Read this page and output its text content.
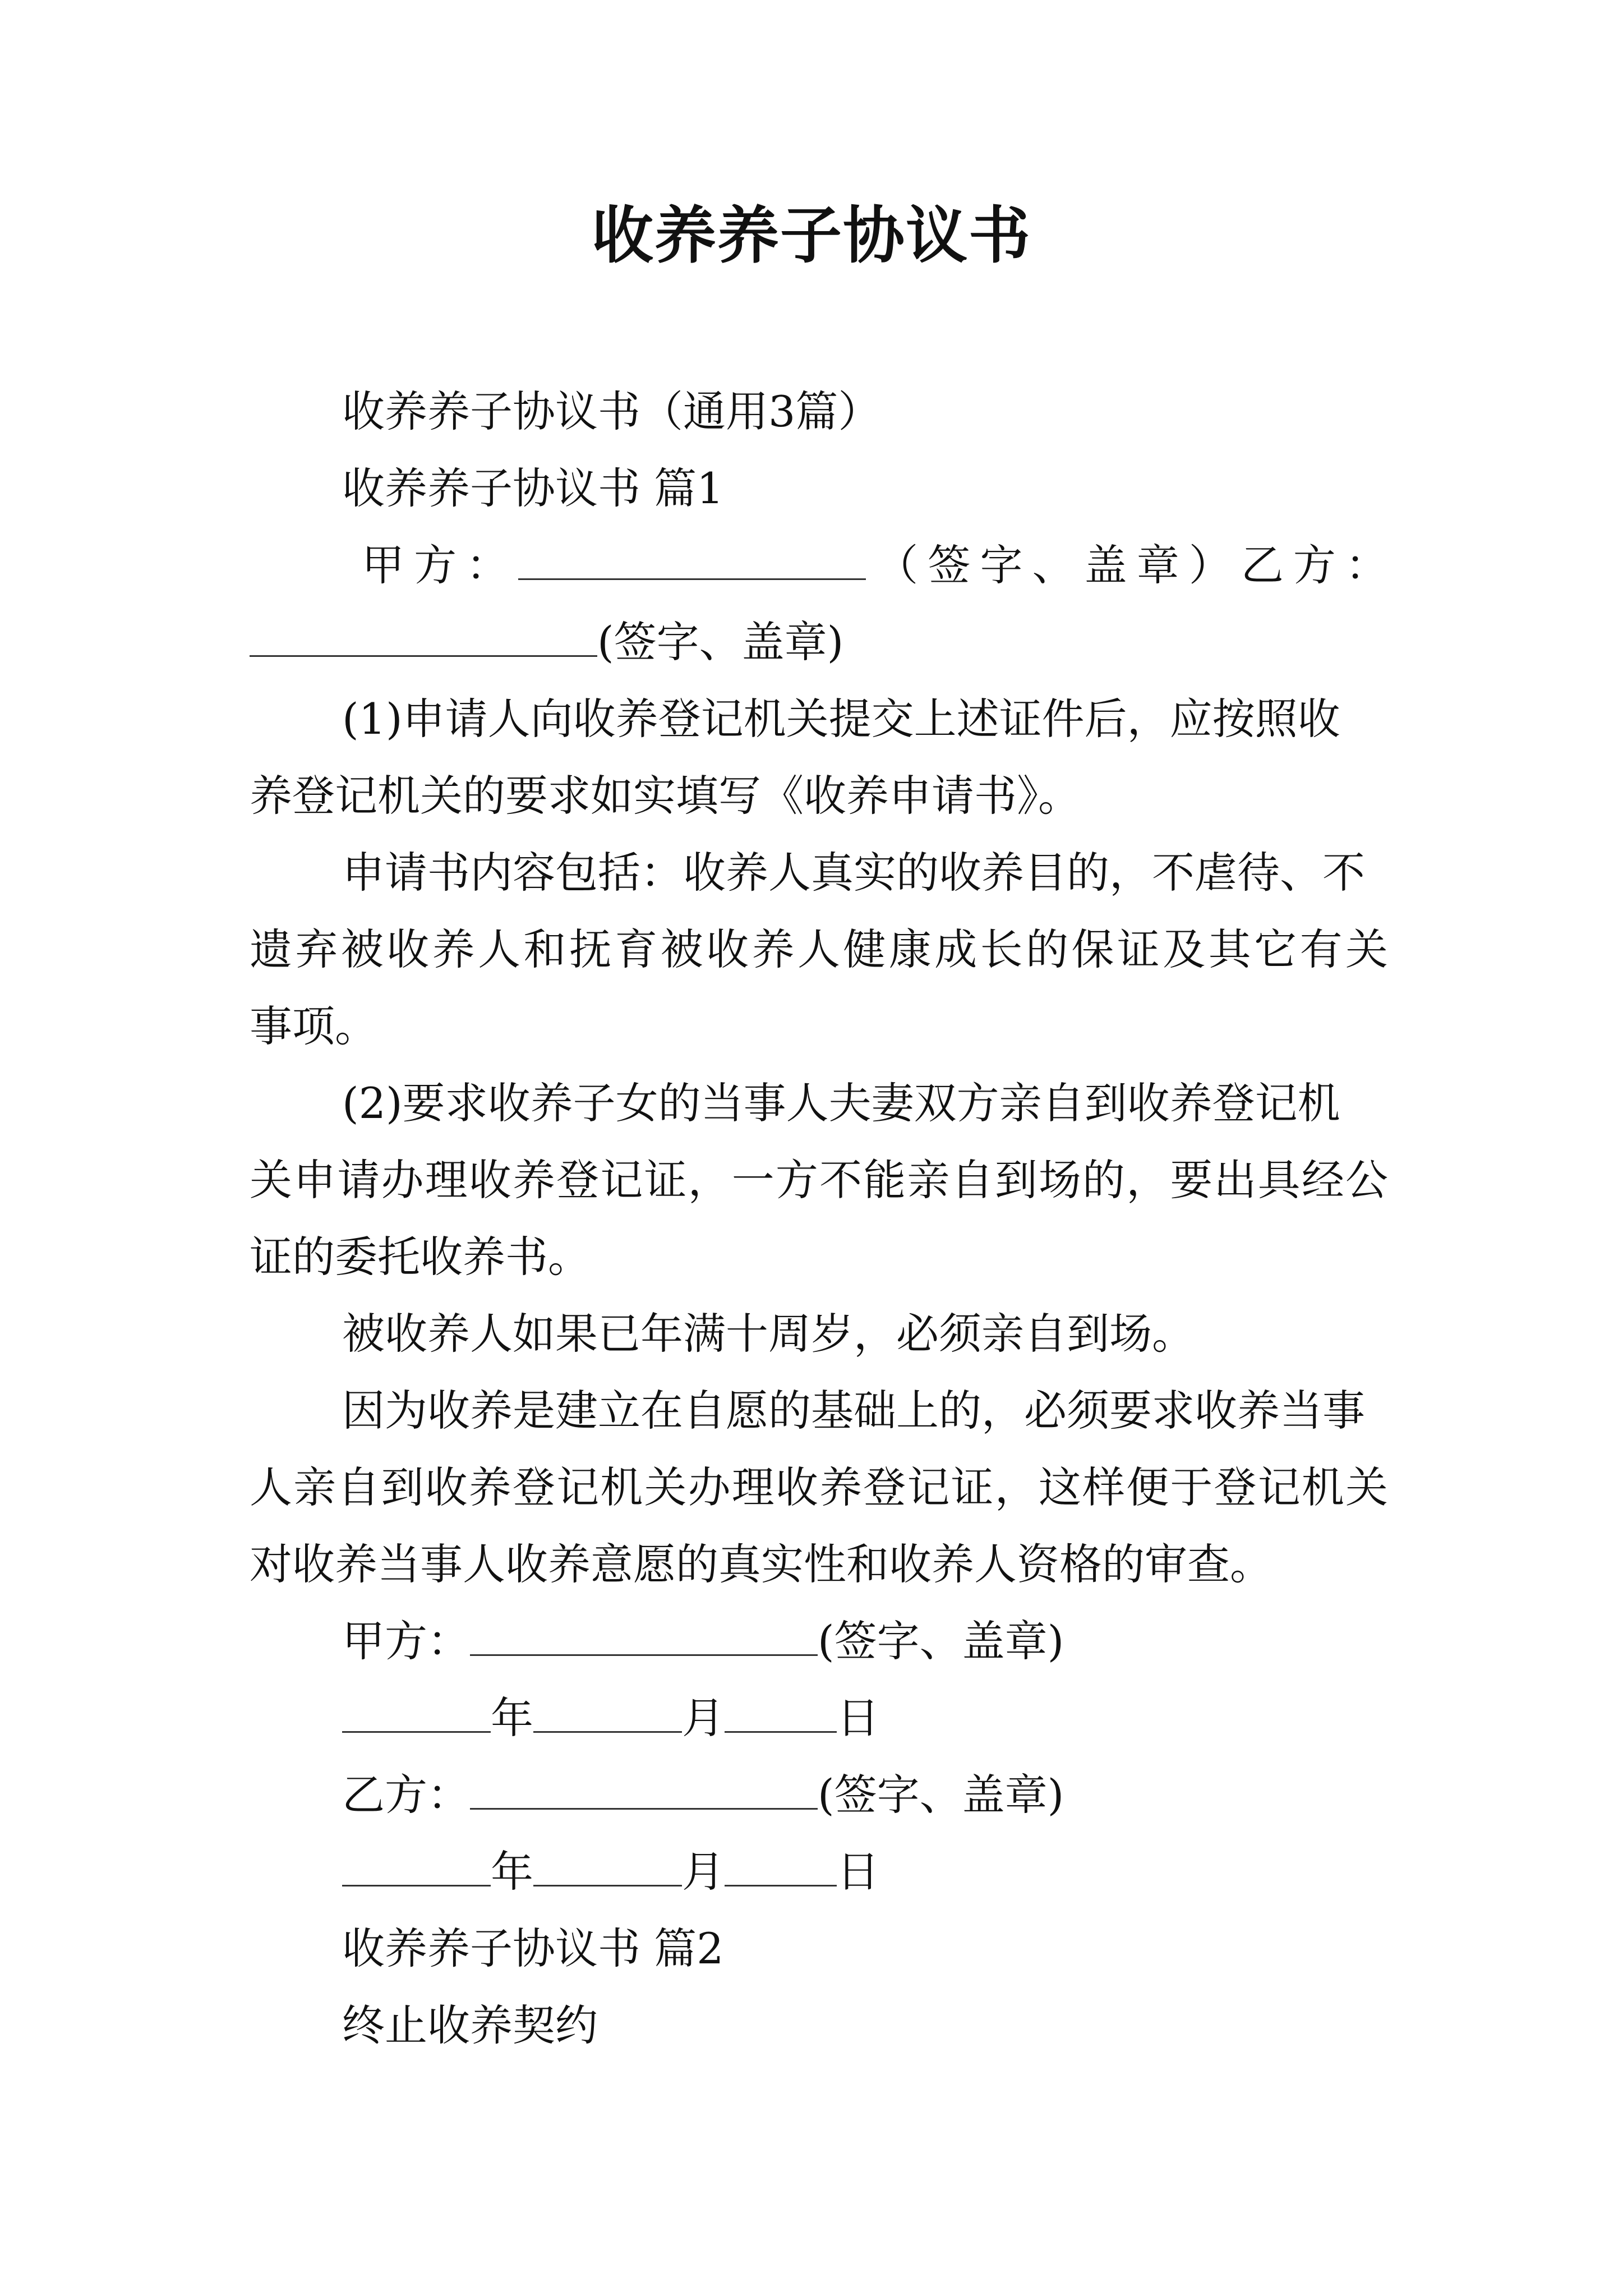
收养养子协议书

收养养子协议书（通用3篇）

收养养子协议书 篇1

甲方：	（签字、盖章）乙方：

(签字、盖章)

(1)申请人向收养登记机关提交上述证件后，应按照收

养登记机关的要求如实填写《收养申请书》。

申请书内容包括：收养人真实的收养目的，不虐待、不

遗弃被收养人和抚育被收养人健康成长的保证及其它有关

事项。

(2)要求收养子女的当事人夫妻双方亲自到收养登记机

关申请办理收养登记证，一方不能亲自到场的，要出具经公

证的委托收养书。

被收养人如果已年满十周岁，必须亲自到场。

因为收养是建立在自愿的基础上的，必须要求收养当事

人亲自到收养登记机关办理收养登记证，这样便于登记机关

对收养当事人收养意愿的真实性和收养人资格的审查。

甲方：	(签字、盖章)

年	月	日

乙方：	(签字、盖章)

年	月	日

收养养子协议书 篇2

终止收养契约
